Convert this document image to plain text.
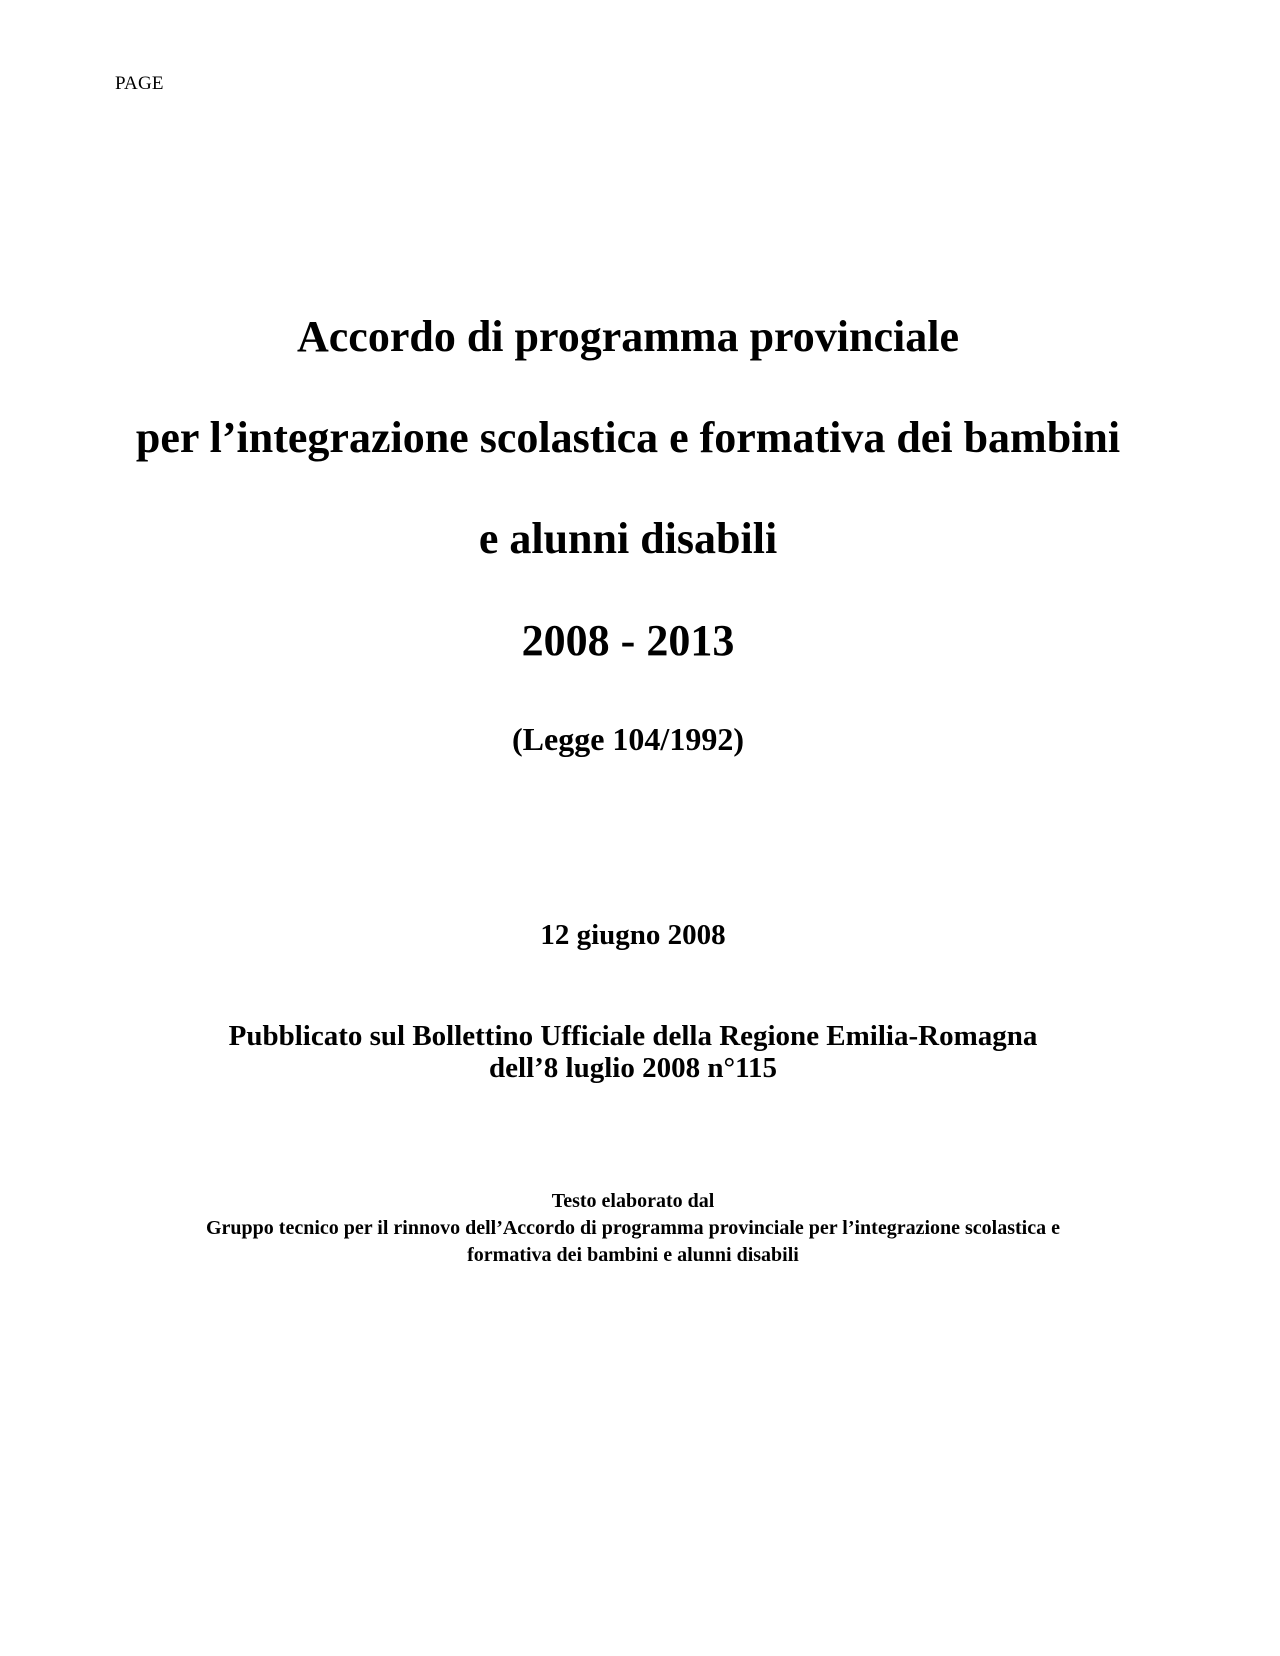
PAGE
Accordo di programma provinciale
per l’integrazione scolastica e formativa dei bambini
e alunni disabili
2008 - 2013
(Legge 104/1992)
12 giugno 2008
Pubblicato sul Bollettino Ufficiale della Regione Emilia-Romagna
dell’8 luglio 2008 n°115
Testo elaborato dal
Gruppo tecnico per il rinnovo dell’Accordo di programma provinciale per l’integrazione scolastica e
formativa dei bambini e alunni disabili
